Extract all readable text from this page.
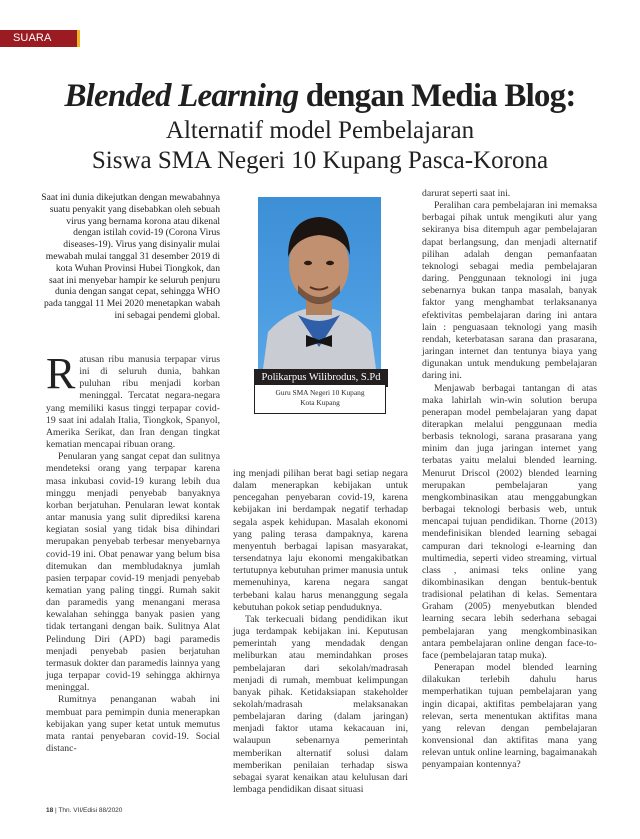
SUARA GURU
Blended Learning dengan Media Blog:
Alternatif model Pembelajaran
Siswa SMA Negeri 10 Kupang Pasca-Korona
Saat ini dunia dikejutkan dengan mewabahnya suatu penyakit yang disebabkan oleh sebuah virus yang bernama korona atau dikenal dengan istilah covid-19 (Corona Virus diseases-19). Virus yang disinyalir mulai mewabah mulai tanggal 31 desember 2019 di kota Wuhan Provinsi Hubei Tiongkok, dan saat ini menyebar hampir ke seluruh penjuru dunia dengan sangat cepat, sehingga WHO pada tanggal 11 Mei 2020 menetapkan wabah ini sebagai pendemi global.
Polikarpus Wilibrodus, S.Pd
Guru SMA Negeri 10 Kupang
Kota Kupang

Ratusan ribu manusia terpapar virus ini di seluruh dunia, bahkan puluhan ribu menjadi korban meninggal. Tercatat negara-negara yang memiliki kasus tinggi terpapar covid-19 saat ini adalah Italia, Tiongkok, Spanyol, Amerika Serikat, dan Iran dengan tingkat kematian mencapai ribuan orang.

Penularan yang sangat cepat dan sulitnya mendeteksi orang yang terpapar karena masa inkubasi covid-19 kurang lebih dua minggu menjadi penyebab banyaknya korban berjatuhan. Penularan lewat kontak antar manusia yang sulit diprediksi karena kegiatan sosial yang tidak bisa dihindari merupakan penyebab terbesar menyebarnya covid-19 ini. Obat penawar yang belum bisa ditemukan dan membludaknya jumlah pasien terpapar covid-19 menjadi penyebab kematian yang paling tinggi. Rumah sakit dan paramedis yang menangani merasa kewalahan sehingga banyak pasien yang tidak tertangani dengan baik. Sulitnya Alat Pelindung Diri (APD) bagi paramedis menjadi penyebab pasien berjatuhan termasuk dokter dan paramedis lainnya yang juga terpapar covid-19 sehingga akhirnya meninggal.

Rumitnya penanganan wabah ini membuat para pemimpin dunia menerapkan kebijakan yang super ketat untuk memutus mata rantai penyebaran covid-19. Social distanc-

ing menjadi pilihan berat bagi setiap negara dalam menerapkan kebijakan untuk pencegahan penyebaran covid-19, karena kebijakan ini berdampak negatif terhadap segala aspek kehidupan. Masalah ekonomi yang paling terasa dampaknya, karena menyentuh berbagai lapisan masyarakat, tersendatnya laju ekonomi mengakibatkan tertutupnya kebutuhan primer manusia untuk memenuhinya, karena negara sangat terbebani kalau harus menanggung segala kebutuhan pokok setiap penduduknya.

Tak terkecuali bidang pendidikan ikut juga terdampak kebijakan ini. Keputusan pemerintah yang mendadak dengan meliburkan atau memindahkan proses pembelajaran dari sekolah/madrasah menjadi di rumah, membuat kelimpungan banyak pihak. Ketidaksiapan stakeholder sekolah/madrasah melaksanakan pembelajaran daring (dalam jaringan) menjadi faktor utama kekacauan ini, walaupun sebenarnya pemerintah memberikan alternatif solusi dalam memberikan penilaian terhadap siswa sebagai syarat kenaikan atau kelulusan dari lembaga pendidikan disaat situasi

darurat seperti saat ini.

Peralihan cara pembelajaran ini memaksa berbagai pihak untuk mengikuti alur yang sekiranya bisa ditempuh agar pembelajaran dapat berlangsung, dan menjadi alternatif pilihan adalah dengan pemanfaatan teknologi sebagai media pembelajaran daring. Penggunaan teknologi ini juga sebenarnya bukan tanpa masalah, banyak faktor yang menghambat terlaksananya efektivitas pembelajaran daring ini antara lain : penguasaan teknologi yang masih rendah, keterbatasan sarana dan prasarana, jaringan internet dan tentunya biaya yang digunakan untuk mendukung pembelajaran daring ini.

Menjawab berbagai tantangan di atas maka lahirlah win-win solution berupa penerapan model pembelajaran yang dapat diterapkan melalui penggunaan media berbasis teknologi, sarana prasarana yang minim dan juga jaringan internet yang terbatas yaitu melalui blended learning. Menurut Driscol (2002) blended learning merupakan pembelajaran yang mengkombinasikan atau menggabungkan berbagai teknologi berbasis web, untuk mencapai tujuan pendidikan. Thorne (2013) mendefinisikan blended learning sebagai campuran dari teknologi e-learning dan multimedia, seperti video streaming, virtual class , animasi teks online yang dikombinasikan dengan bentuk-bentuk tradisional pelatihan di kelas. Sementara Graham (2005) menyebutkan blended learning secara lebih sederhana sebagai pembelajaran yang mengkombinasikan antara pembelajaran online dengan face-to- face (pembelajaran tatap muka).

Penerapan model blended learning dilakukan terlebih dahulu harus memperhatikan tujuan pembelajaran yang ingin dicapai, aktifitas pembelajaran yang relevan, serta menentukan aktifitas mana yang relevan dengan pembelajaran konvensional dan aktifitas mana yang relevan untuk online learning, bagaimanakah penyampaian kontennya?

18 | Thn. VII/Edisi 88/2020
